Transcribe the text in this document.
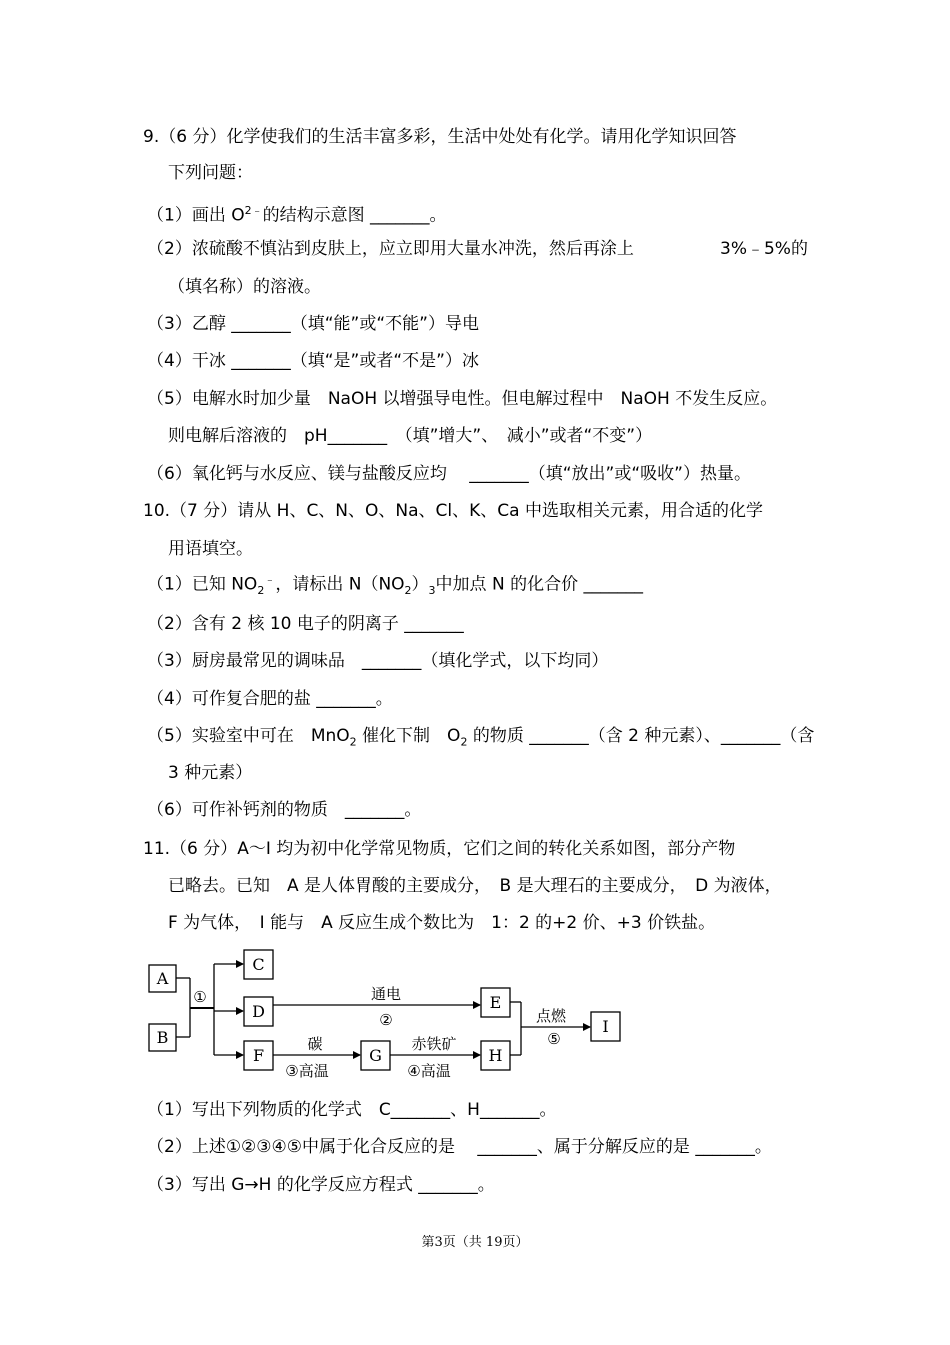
9.（6 分）化学使我们的生活丰富多彩，生活中处处有化学。请用化学知识回答
下列问题：
（1）画出 $O^{2﹣}$的结构示意图 _______。
（2）浓硫酸不慎沾到皮肤上，应立即用大量水冲洗，然后再涂上	3%﹣5%的
（填名称）的溶液。
（3）乙醇 _______（填“能”或“不能”）导电
（4）干冰 _______（填“是”或者“不是”）冰
（5）电解水时加少量　NaOH 以增强导电性。但电解过程中　NaOH 不发生反应。
则电解后溶液的　pH_______　（填”增大”、　减小”或者“不变”）
（6）氧化钙与水反应、镁与盐酸反应均　 _______（填“放出”或“吸收”）热量。
10.（7 分）请从 H、C、N、O、Na、Cl、K、Ca 中选取相关元素，用合适的化学
用语填空。
（1）已知 $NO_2^﹣$，请标出 $N(NO_2)_3$中加点 N 的化合价 _______
（2）含有 2 核 10 电子的阴离子 _______
（3）厨房最常见的调味品　_______（填化学式，以下均同）
（4）可作复合肥的盐 _______。
（5）实验室中可在　MnO$_2$ 催化下制　$O_2$ 的物质 _______（含 2 种元素）、_______（含
3 种元素）
（6）可作补钙剂的物质　_______。
11.（6 分）A～I 均为初中化学常见物质，它们之间的转化关系如图，部分产物
已略去。已知　A 是人体胃酸的主要成分，　B 是大理石的主要成分，　D 为液体，
F 为气体，　I 能与　A 反应生成个数比为　1：2 的+2 价、+3 价铁盐。
A
B
C
D
F
E
G	H
I
①	通电
②
碳
③高温
赤铁矿
④高温
点燃
⑤
（1）写出下列物质的化学式　C_______、H_______。
（2）上述①②③④⑤中属于化合反应的是　 _______、属于分解反应的是 _______。
（3）写出 G→H 的化学反应方程式 _______。
第3页（共 19页）
